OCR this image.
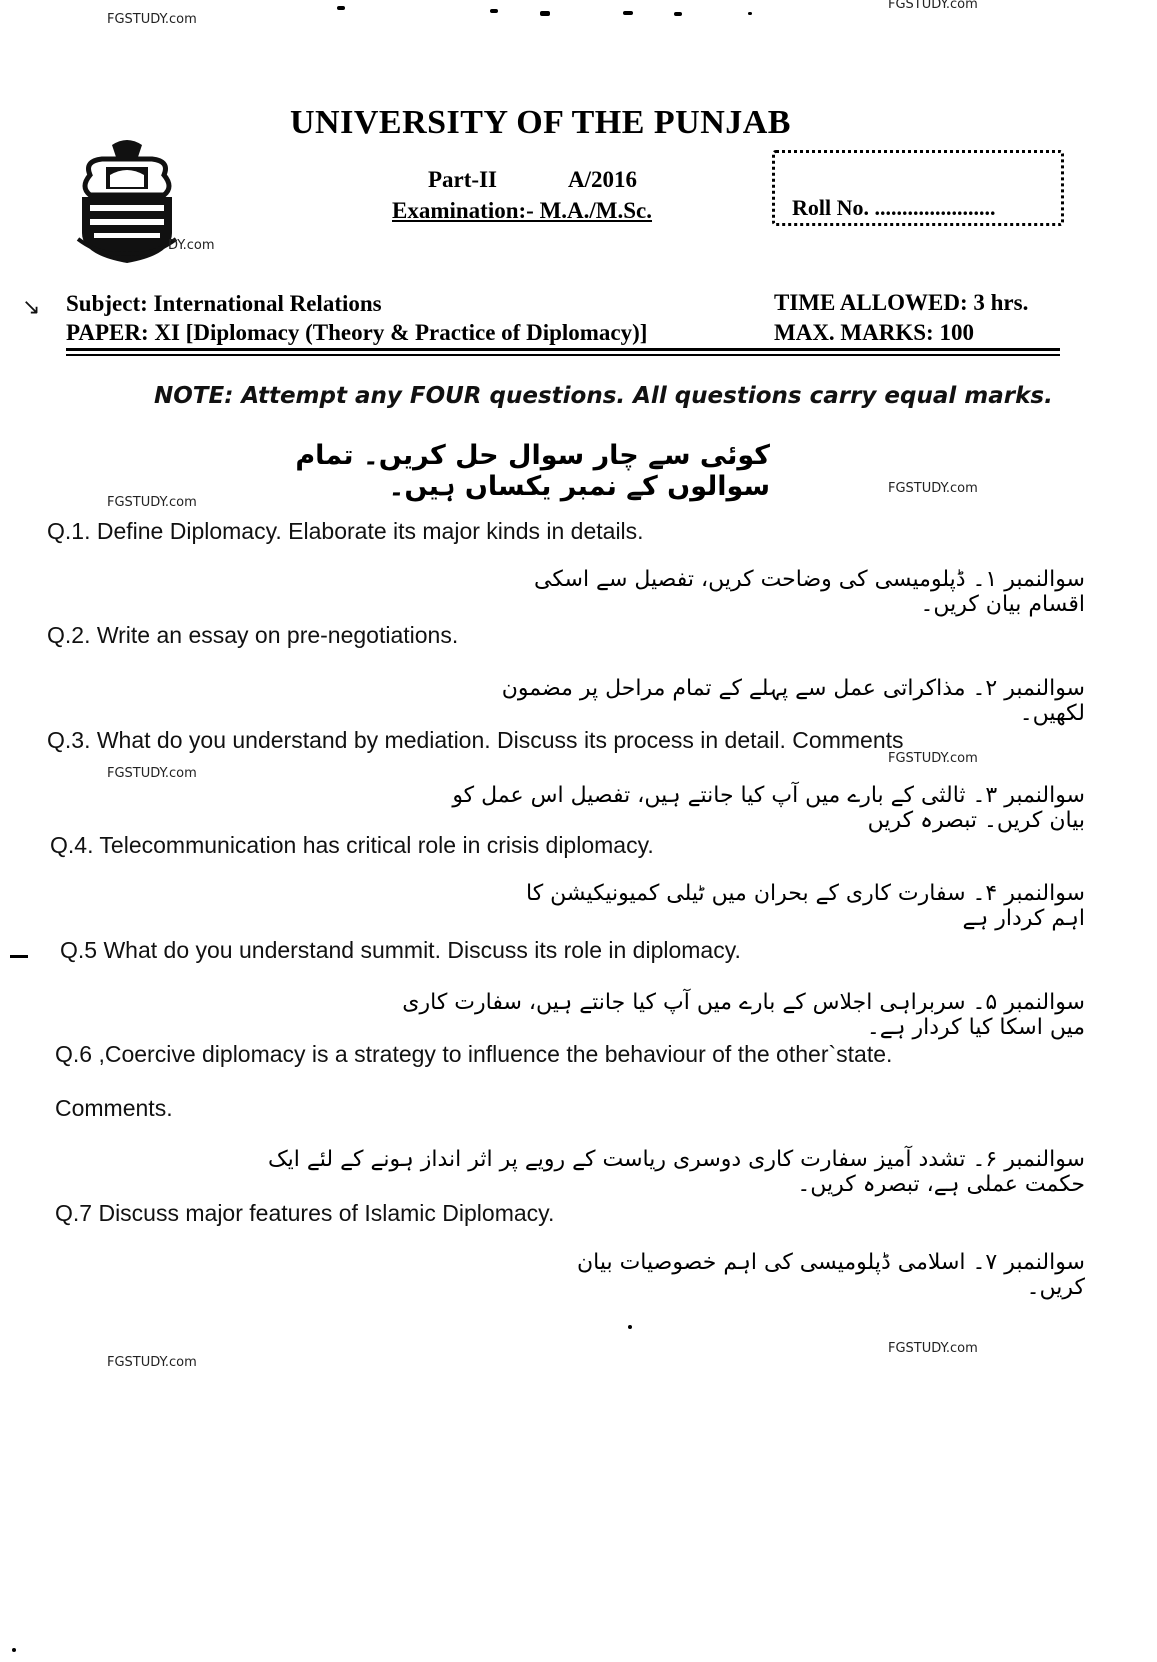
FGSTUDY.com
FGSTUDY.com
FGSTUDY.com
FGSTUDY.com
FGSTUDY.com
FGSTUDY.com
FGSTUDY.com
FGSTUDY.com
DY.com
UNIVERSITY OF THE PUNJAB
Part-II	A/2016
Examination:- M.A./M.Sc.	Roll No. ......................
↘ Subject: International Relations
PAPER: XI [Diplomacy (Theory & Practice of Diplomacy)]
TIME ALLOWED: 3 hrs.
MAX. MARKS: 100
NOTE: Attempt any FOUR questions. All questions carry equal marks.
کوئی سے چار سوال حل کریں۔ تمام سوالوں کے نمبر یکساں ہیں۔
Q.1. Define Diplomacy. Elaborate its major kinds in details.
سوالنمبر ۱۔ ڈپلومیسی کی وضاحت کریں، تفصیل سے اسکی اقسام بیان کریں۔
Q.2. Write an essay on pre-negotiations.
سوالنمبر ۲۔ مذاکراتی عمل سے پہلے کے تمام مراحل پر مضمون لکھیں۔
Q.3. What do you understand by mediation. Discuss its process in detail. Comments
سوالنمبر ۳۔ ثالثی کے بارے میں آپ کیا جانتے ہیں، تفصیل اس عمل کو بیان کریں۔ تبصرہ کریں
Q.4. Telecommunication has critical role in crisis diplomacy.
سوالنمبر ۴۔ سفارت کاری کے بحران میں ٹیلی کمیونیکیشن کا اہم کردار ہے
Q.5 What do you understand summit. Discuss its role in diplomacy.
سوالنمبر ۵۔ سربراہی اجلاس کے بارے میں آپ کیا جانتے ہیں، سفارت کاری میں اسکا کیا کردار ہے۔
Q.6 ,Coercive diplomacy is a strategy to influence the behaviour of the other`state.
Comments.
سوالنمبر ۶۔ تشدد آمیز سفارت کاری دوسری ریاست کے رویے پر اثر انداز ہونے کے لئے ایک حکمت عملی ہے، تبصرہ کریں۔
Q.7 Discuss major features of Islamic Diplomacy.
سوالنمبر ۷۔ اسلامی ڈپلومیسی کی اہم خصوصیات بیان کریں۔
